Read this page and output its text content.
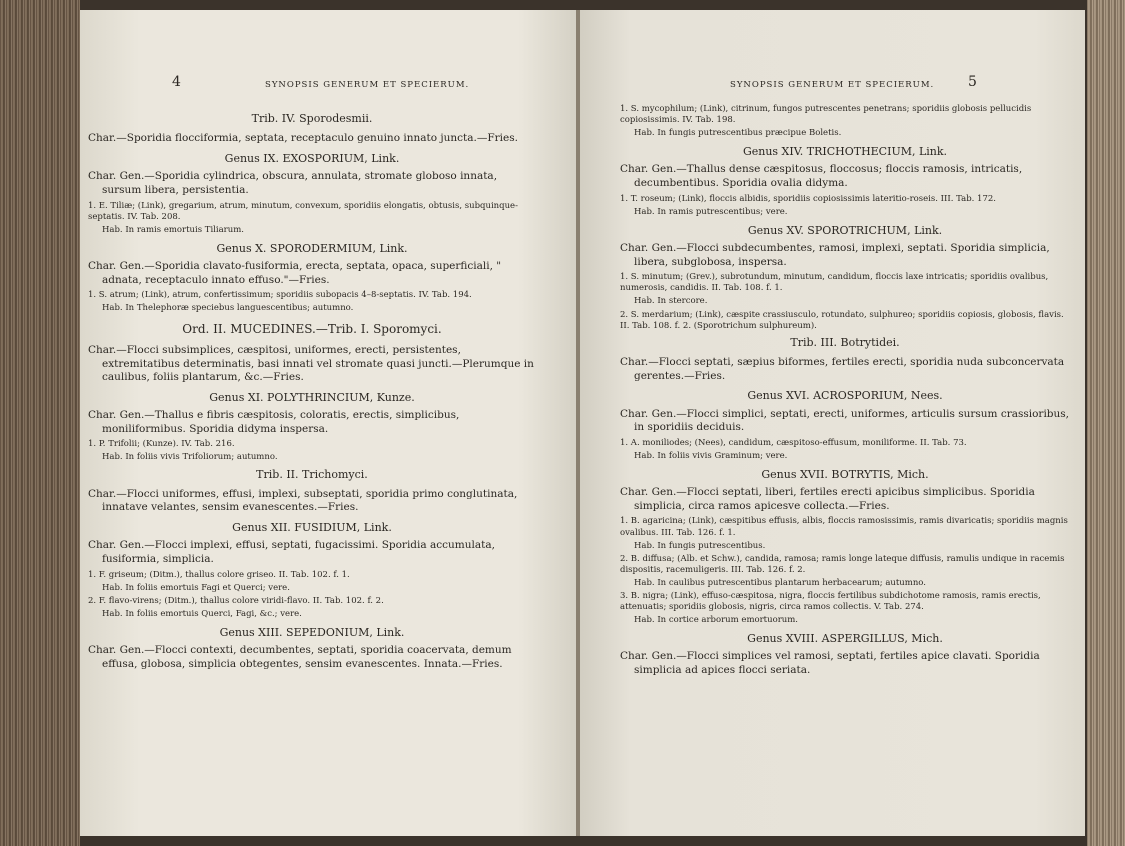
4	SYNOPSIS GENERUM ET SPECIERUM.
Trib. IV. Sporodesmii.
Char.—Sporidia flocciformia, septata, receptaculo genuino innato juncta.—Fries.
Genus IX. EXOSPORIUM, Link.
Char. Gen.—Sporidia cylindrica, obscura, annulata, stromate globoso innata, sursum libera, persistentia.
1. E. Tiliæ; (Link), gregarium, atrum, minutum, convexum, sporidiis elongatis, obtusis, subquinque-septatis. IV. Tab. 208.
Hab. In ramis emortuis Tiliarum.
Genus X. SPORODERMIUM, Link.
Char. Gen.—Sporidia clavato-fusiformia, erecta, septata, opaca, superficiali, " adnata, receptaculo innato effuso."—Fries.
1. S. atrum; (Link), atrum, confertissimum; sporidiis subopacis 4–8-septatis. IV. Tab. 194.
Hab. In Thelephoræ speciebus languescentibus; autumno.
Ord. II. MUCEDINES.—Trib. I. Sporomyci.
Char.—Flocci subsimplices, cæspitosi, uniformes, erecti, persistentes, extremitatibus determinatis, basi innati vel stromate quasi juncti.—Plerumque in caulibus, foliis plantarum, &c.—Fries.
Genus XI. POLYTHRINCIUM, Kunze.
Char. Gen.—Thallus e fibris cæspitosis, coloratis, erectis, simplicibus, moniliformibus. Sporidia didyma inspersa.
1. P. Trifolii; (Kunze). IV. Tab. 216.
Hab. In foliis vivis Trifoliorum; autumno.
Trib. II. Trichomyci.
Char.—Flocci uniformes, effusi, implexi, subseptati, sporidia primo conglutinata, innatave velantes, sensim evanescentes.—Fries.
Genus XII. FUSIDIUM, Link.
Char. Gen.—Flocci implexi, effusi, septati, fugacissimi. Sporidia accumulata, fusiformia, simplicia.
1. F. griseum; (Ditm.), thallus colore griseo. II. Tab. 102. f. 1.
Hab. In foliis emortuis Fagi et Querci; vere.
2. F. flavo-virens; (Ditm.), thallus colore viridi-flavo. II. Tab. 102. f. 2.
Hab. In foliis emortuis Querci, Fagi, &c.; vere.
Genus XIII. SEPEDONIUM, Link.
Char. Gen.—Flocci contexti, decumbentes, septati, sporidia coacervata, demum effusa, globosa, simplicia obtegentes, sensim evanescentes. Innata.—Fries.
SYNOPSIS GENERUM ET SPECIERUM. 5
1. S. mycophilum; (Link), citrinum, fungos putrescentes penetrans; sporidiis globosis pellucidis copiosissimis. IV. Tab. 198.
Hab. In fungis putrescentibus præcipue Boletis.
Genus XIV. TRICHOTHECIUM, Link.
Char. Gen.—Thallus dense cæspitosus, floccosus; floccis ramosis, intricatis, decumbentibus. Sporidia ovalia didyma.
1. T. roseum; (Link), floccis albidis, sporidiis copiosissimis lateritio-roseis. III. Tab. 172.
Hab. In ramis putrescentibus; vere.
Genus XV. SPOROTRICHUM, Link.
Char. Gen.—Flocci subdecumbentes, ramosi, implexi, septati. Sporidia simplicia, libera, subglobosa, inspersa.
1. S. minutum; (Grev.), subrotundum, minutum, candidum, floccis laxe intricatis; sporidiis ovalibus, numerosis, candidis. II. Tab. 108. f. 1.
Hab. In stercore.
2. S. merdarium; (Link), cæspite crassiusculo, rotundato, sulphureo; sporidiis copiosis, globosis, flavis. II. Tab. 108. f. 2. (Sporotrichum sulphureum).
Trib. III. Botrytidei.
Char.—Flocci septati, sæpius biformes, fertiles erecti, sporidia nuda subconcervata gerentes.—Fries.
Genus XVI. ACROSPORIUM, Nees.
Char. Gen.—Flocci simplici, septati, erecti, uniformes, articulis sursum crassioribus, in sporidiis deciduis.
1. A. moniliodes; (Nees), candidum, cæspitoso-effusum, moniliforme. II. Tab. 73.
Hab. In foliis vivis Graminum; vere.
Genus XVII. BOTRYTIS, Mich.
Char. Gen.—Flocci septati, liberi, fertiles erecti apicibus simplicibus. Sporidia simplicia, circa ramos apicesve collecta.—Fries.
1. B. agaricina; (Link), cæspitibus effusis, albis, floccis ramosissimis, ramis divaricatis; sporidiis magnis ovalibus. III. Tab. 126. f. 1.
Hab. In fungis putrescentibus.
2. B. diffusa; (Alb. et Schw.), candida, ramosa; ramis longe lateque diffusis, ramulis undique in racemis dispositis, racemuligeris. III. Tab. 126. f. 2.
Hab. In caulibus putrescentibus plantarum herbacearum; autumno.
3. B. nigra; (Link), effuso-cæspitosa, nigra, floccis fertilibus subdichotome ramosis, ramis erectis, attenuatis; sporidiis globosis, nigris, circa ramos collectis. V. Tab. 274.
Hab. In cortice arborum emortuorum.
Genus XVIII. ASPERGILLUS, Mich.
Char. Gen.—Flocci simplices vel ramosi, septati, fertiles apice clavati. Sporidia simplicia ad apices flocci seriata.
